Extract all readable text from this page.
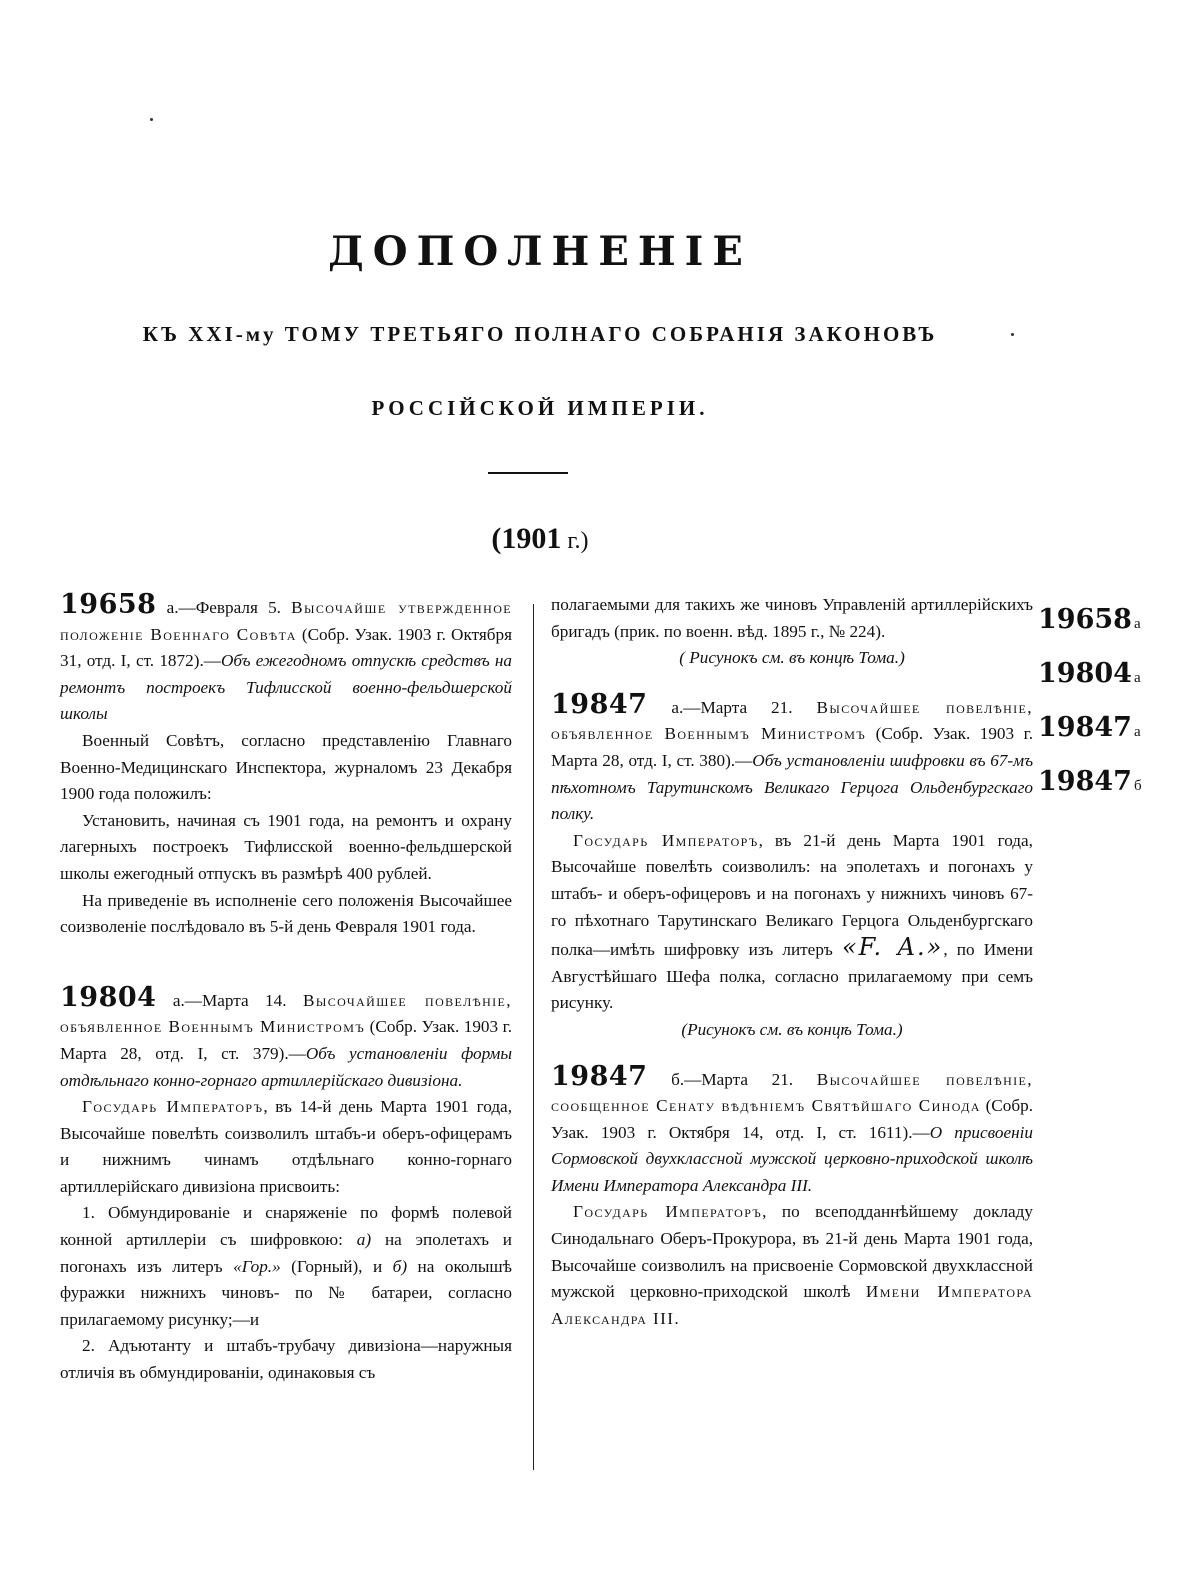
ДОПОЛНЕНІЕ
КЪ XXI-му ТОМУ ТРЕТЬЯГО ПОЛНАГО СОБРАНІЯ ЗАКОНОВЪ
РОССІЙСКОЙ ИМПЕРІИ.
(1901 г.)

19658 а.—Февраля 5. Высочайше утвержденное положеніе Военнаго Совѣта (Собр. Узак. 1903 г. Октября 31, отд. I, ст. 1872).—Объ ежегодномъ отпускѣ средствъ на ремонтъ построекъ Тифлисской военно-фельдшерской школы

Военный Совѣтъ, согласно представленію Главнаго Военно-Медицинскаго Инспектора, журналомъ 23 Декабря 1900 года положилъ:

Установить, начиная съ 1901 года, на ремонтъ и охрану лагерныхъ построекъ Тифлисской военно-фельдшерской школы ежегодный отпускъ въ размѣрѣ 400 рублей.

На приведеніе въ исполненіе сего положенія Высочайшее соизволеніе послѣдовало въ 5-й день Февраля 1901 года.

19804 а.—Марта 14. Высочайшее повелѣніе, объявленное Военнымъ Министромъ (Собр. Узак. 1903 г. Марта 28, отд. I, ст. 379).—Объ установленіи формы отдѣльнаго конно-горнаго артиллерійскаго дивизіона.

Государь Императоръ, въ 14-й день Марта 1901 года, Высочайше повелѣть соизволилъ штабъ-и оберъ-офицерамъ и нижнимъ чинамъ отдѣльнаго конно-горнаго артиллерійскаго дивизіона присвоить:

1. Обмундированіе и снаряженіе по формѣ полевой конной артиллеріи съ шифровкою: а) на эполетахъ и погонахъ изъ литеръ «Гор.» (Горный), и б) на околышѣ фуражки нижнихъ чиновъ- по № батареи, согласно прилагаемому рисунку;—и

2. Адъютанту и штабъ-трубачу дивизіона—наружныя отличія въ обмундированіи, одинаковыя съ

полагаемыми для такихъ же чиновъ Управленій артиллерійскихъ бригадъ (прик. по военн. вѣд. 1895 г., № 224).

( Рисунокъ см. въ концѣ Тома.)

19847 а.—Марта 21. Высочайшее повелѣніе, объявленное Военнымъ Министромъ (Собр. Узак. 1903 г. Марта 28, отд. I, ст. 380).—Объ установленіи шифровки въ 67-мъ пѣхотномъ Тарутинскомъ Великаго Герцога Ольденбургскаго полку.

Государь Императоръ, въ 21-й день Марта 1901 года, Высочайше повелѣть соизволилъ: на эполетахъ и погонахъ у штабъ- и оберъ-офицеровъ и на погонахъ у нижнихъ чиновъ 67-го пѣхотнаго Тарутинскаго Великаго Герцога Ольденбургскаго полка—имѣть шифровку изъ литеръ «F. A.», по Имени Августѣйшаго Шефа полка, согласно прилагаемому при семъ рисунку.

(Рисунокъ см. въ концѣ Тома.)

19847 б.—Марта 21. Высочайшее повелѣніе, сообщенное Сенату вѣдѣніемъ Святѣйшаго Синода (Собр. Узак. 1903 г. Октября 14, отд. I, ст. 1611).—О присвоеніи Сормовской двухклассной мужской церковно-приходской школѣ Имени Императора Александра III.

Государь Императоръ, по всеподданнѣйшему докладу Синодальнаго Оберъ-Прокурора, въ 21-й день Марта 1901 года, Высочайше соизволилъ на присвоеніе Сормовской двухклассной мужской церковно-приходской школѣ Имени Императора Александра III.

19658 а
19804 а
19847 а
19847 б
